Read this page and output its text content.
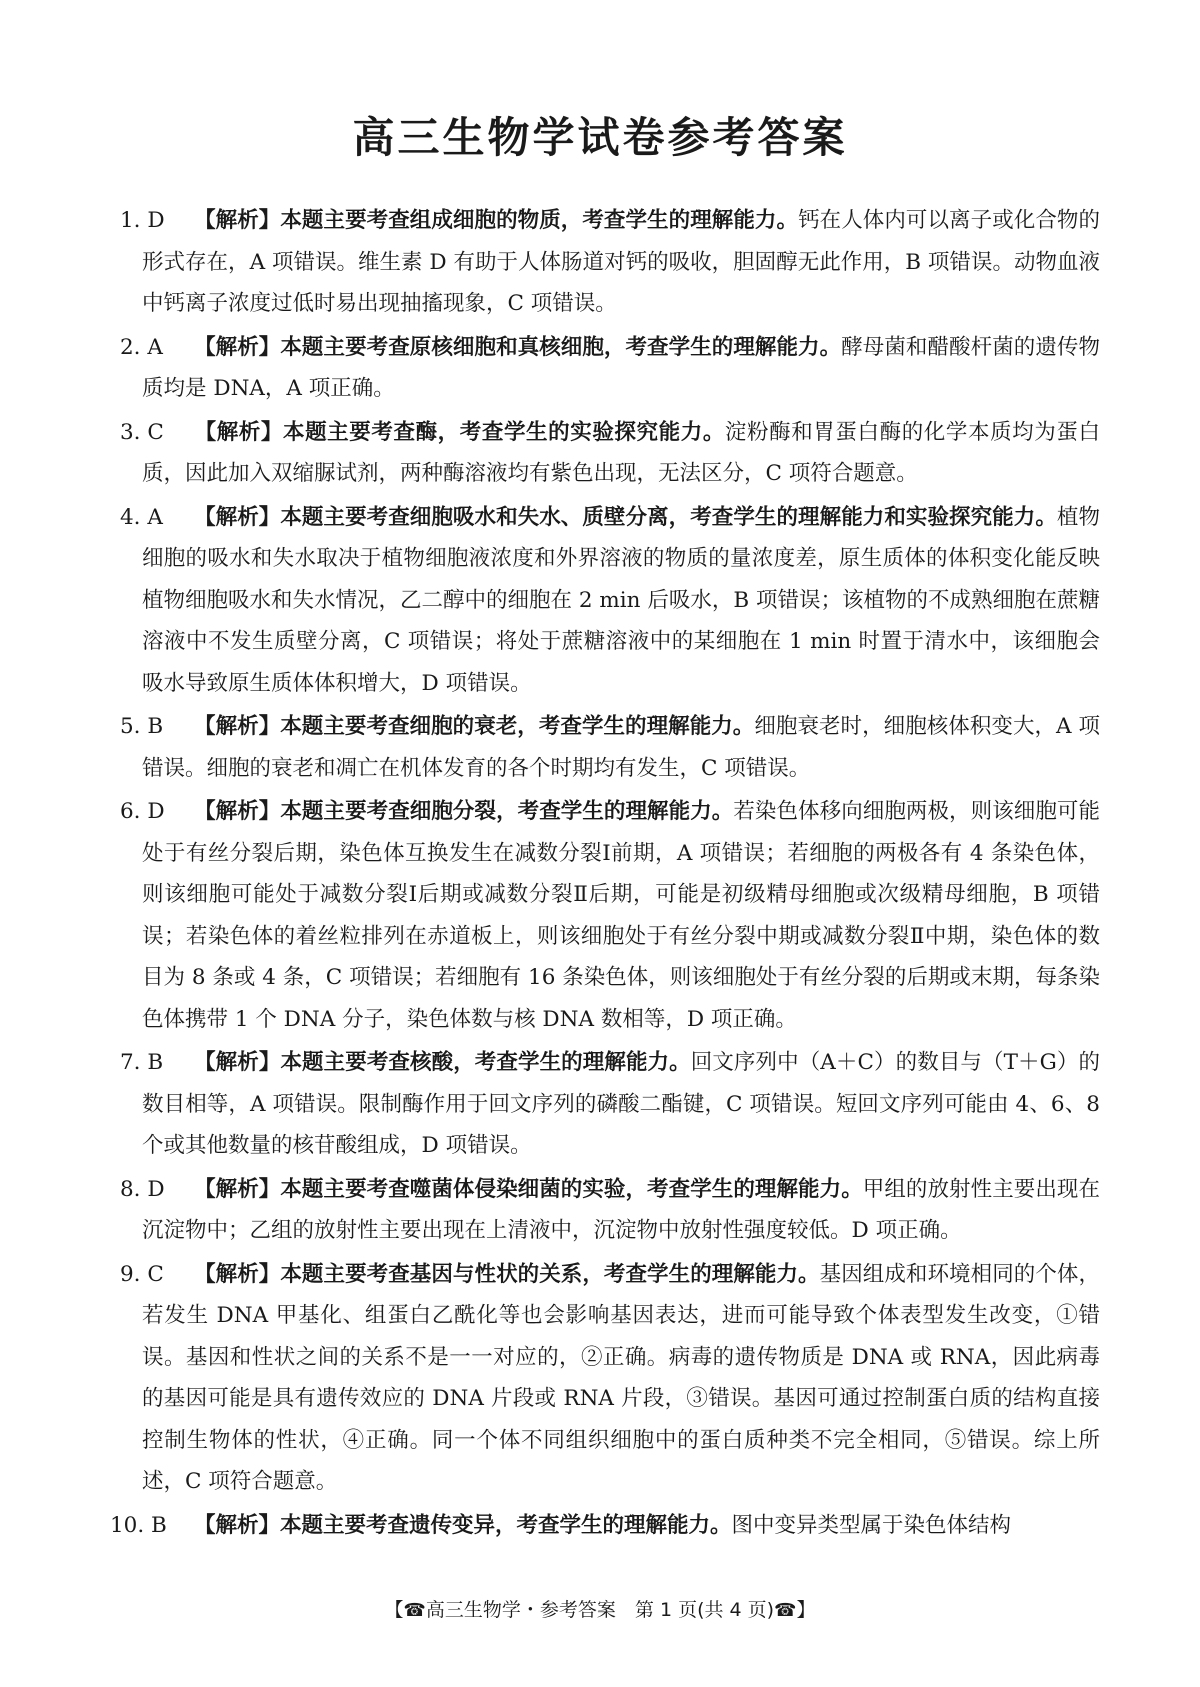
高三生物学试卷参考答案

1. D 【解析】本题主要考查组成细胞的物质，考查学生的理解能力。钙在人体内可以离子或化合物的形式存在，A 项错误。维生素 D 有助于人体肠道对钙的吸收，胆固醇无此作用，B 项错误。动物血液中钙离子浓度过低时易出现抽搐现象，C 项错误。

2. A 【解析】本题主要考查原核细胞和真核细胞，考查学生的理解能力。酵母菌和醋酸杆菌的遗传物质均是 DNA，A 项正确。

3. C 【解析】本题主要考查酶，考查学生的实验探究能力。淀粉酶和胃蛋白酶的化学本质均为蛋白质，因此加入双缩脲试剂，两种酶溶液均有紫色出现，无法区分，C 项符合题意。

4. A 【解析】本题主要考查细胞吸水和失水、质壁分离，考查学生的理解能力和实验探究能力。植物细胞的吸水和失水取决于植物细胞液浓度和外界溶液的物质的量浓度差，原生质体的体积变化能反映植物细胞吸水和失水情况，乙二醇中的细胞在 2 min 后吸水，B 项错误；该植物的不成熟细胞在蔗糖溶液中不发生质壁分离，C 项错误；将处于蔗糖溶液中的某细胞在 1 min 时置于清水中，该细胞会吸水导致原生质体体积增大，D 项错误。

5. B 【解析】本题主要考查细胞的衰老，考查学生的理解能力。细胞衰老时，细胞核体积变大，A 项错误。细胞的衰老和凋亡在机体发育的各个时期均有发生，C 项错误。

6. D 【解析】本题主要考查细胞分裂，考查学生的理解能力。若染色体移向细胞两极，则该细胞可能处于有丝分裂后期，染色体互换发生在减数分裂Ⅰ前期，A 项错误；若细胞的两极各有 4 条染色体，则该细胞可能处于减数分裂Ⅰ后期或减数分裂Ⅱ后期，可能是初级精母细胞或次级精母细胞，B 项错误；若染色体的着丝粒排列在赤道板上，则该细胞处于有丝分裂中期或减数分裂Ⅱ中期，染色体的数目为 8 条或 4 条，C 项错误；若细胞有 16 条染色体，则该细胞处于有丝分裂的后期或末期，每条染色体携带 1 个 DNA 分子，染色体数与核 DNA 数相等，D 项正确。

7. B 【解析】本题主要考查核酸，考查学生的理解能力。回文序列中（A＋C）的数目与（T＋G）的数目相等，A 项错误。限制酶作用于回文序列的磷酸二酯键，C 项错误。短回文序列可能由 4、6、8 个或其他数量的核苷酸组成，D 项错误。

8. D 【解析】本题主要考查噬菌体侵染细菌的实验，考查学生的理解能力。甲组的放射性主要出现在沉淀物中；乙组的放射性主要出现在上清液中，沉淀物中放射性强度较低。D 项正确。

9. C 【解析】本题主要考查基因与性状的关系，考查学生的理解能力。基因组成和环境相同的个体，若发生 DNA 甲基化、组蛋白乙酰化等也会影响基因表达，进而可能导致个体表型发生改变，①错误。基因和性状之间的关系不是一一对应的，②正确。病毒的遗传物质是 DNA 或 RNA，因此病毒的基因可能是具有遗传效应的 DNA 片段或 RNA 片段，③错误。基因可通过控制蛋白质的结构直接控制生物体的性状，④正确。同一个体不同组织细胞中的蛋白质种类不完全相同，⑤错误。综上所述，C 项符合题意。

10. B 【解析】本题主要考查遗传变异，考查学生的理解能力。图中变异类型属于染色体结构

【☎高三生物学・参考答案　第 1 页(共 4 页)☎】
